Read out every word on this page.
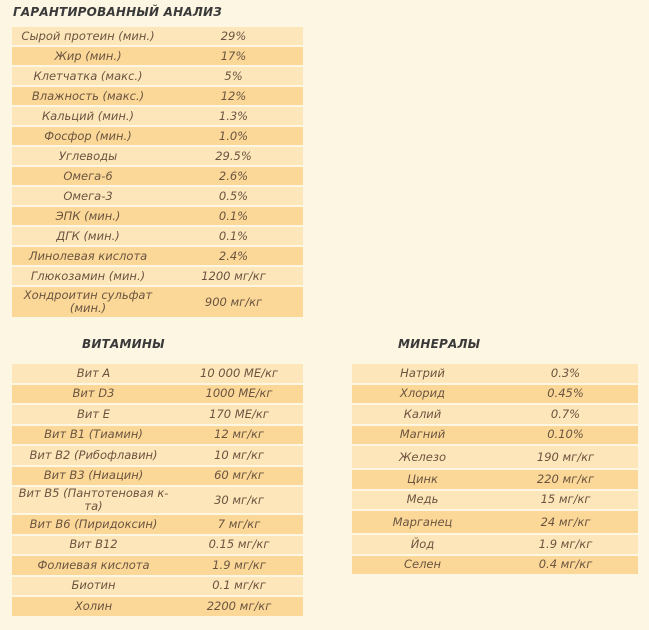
ГАРАНТИРОВАННЫЙ АНАЛИЗ
Сырой протеин (мин.)	29%
Жир (мин.)	17%
Клетчатка (макс.)	5%
Влажность (макс.)	12%
Кальций (мин.)	1.3%
Фосфор (мин.)	1.0%
Углеводы	29.5%
Омега-6	2.6%
Омега-3	0.5%
ЭПК (мин.)	0.1%
ДГК (мин.)	0.1%
Линолевая кислота	2.4%
Глюкозамин (мин.)	1200 мг/кг
Хондроитин сульфат (мин.)	900 мг/кг
ВИТАМИНЫ
Вит A	10 000 МЕ/кг
Вит D3	1000 МЕ/кг
Вит E	170 МЕ/кг
Вит В1 (Тиамин)	12 мг/кг
Вит В2 (Рибофлавин)	10 мг/кг
Вит В3 (Ниацин)	60 мг/кг
Вит В5 (Пантотеновая к-та)	30 мг/кг
Вит В6 (Пиридоксин)	7 мг/кг
Вит B12	0.15 мг/кг
Фолиевая кислота	1.9 мг/кг
Биотин	0.1 мг/кг
Холин	2200 мг/кг
МИНЕРАЛЫ
Натрий	0.3%
Хлорид	0.45%
Калий	0.7%
Магний	0.10%
Железо	190 мг/кг
Цинк	220 мг/кг
Медь	15 мг/кг
Марганец	24 мг/кг
Йод	1.9 мг/кг
Селен	0.4 мг/кг
